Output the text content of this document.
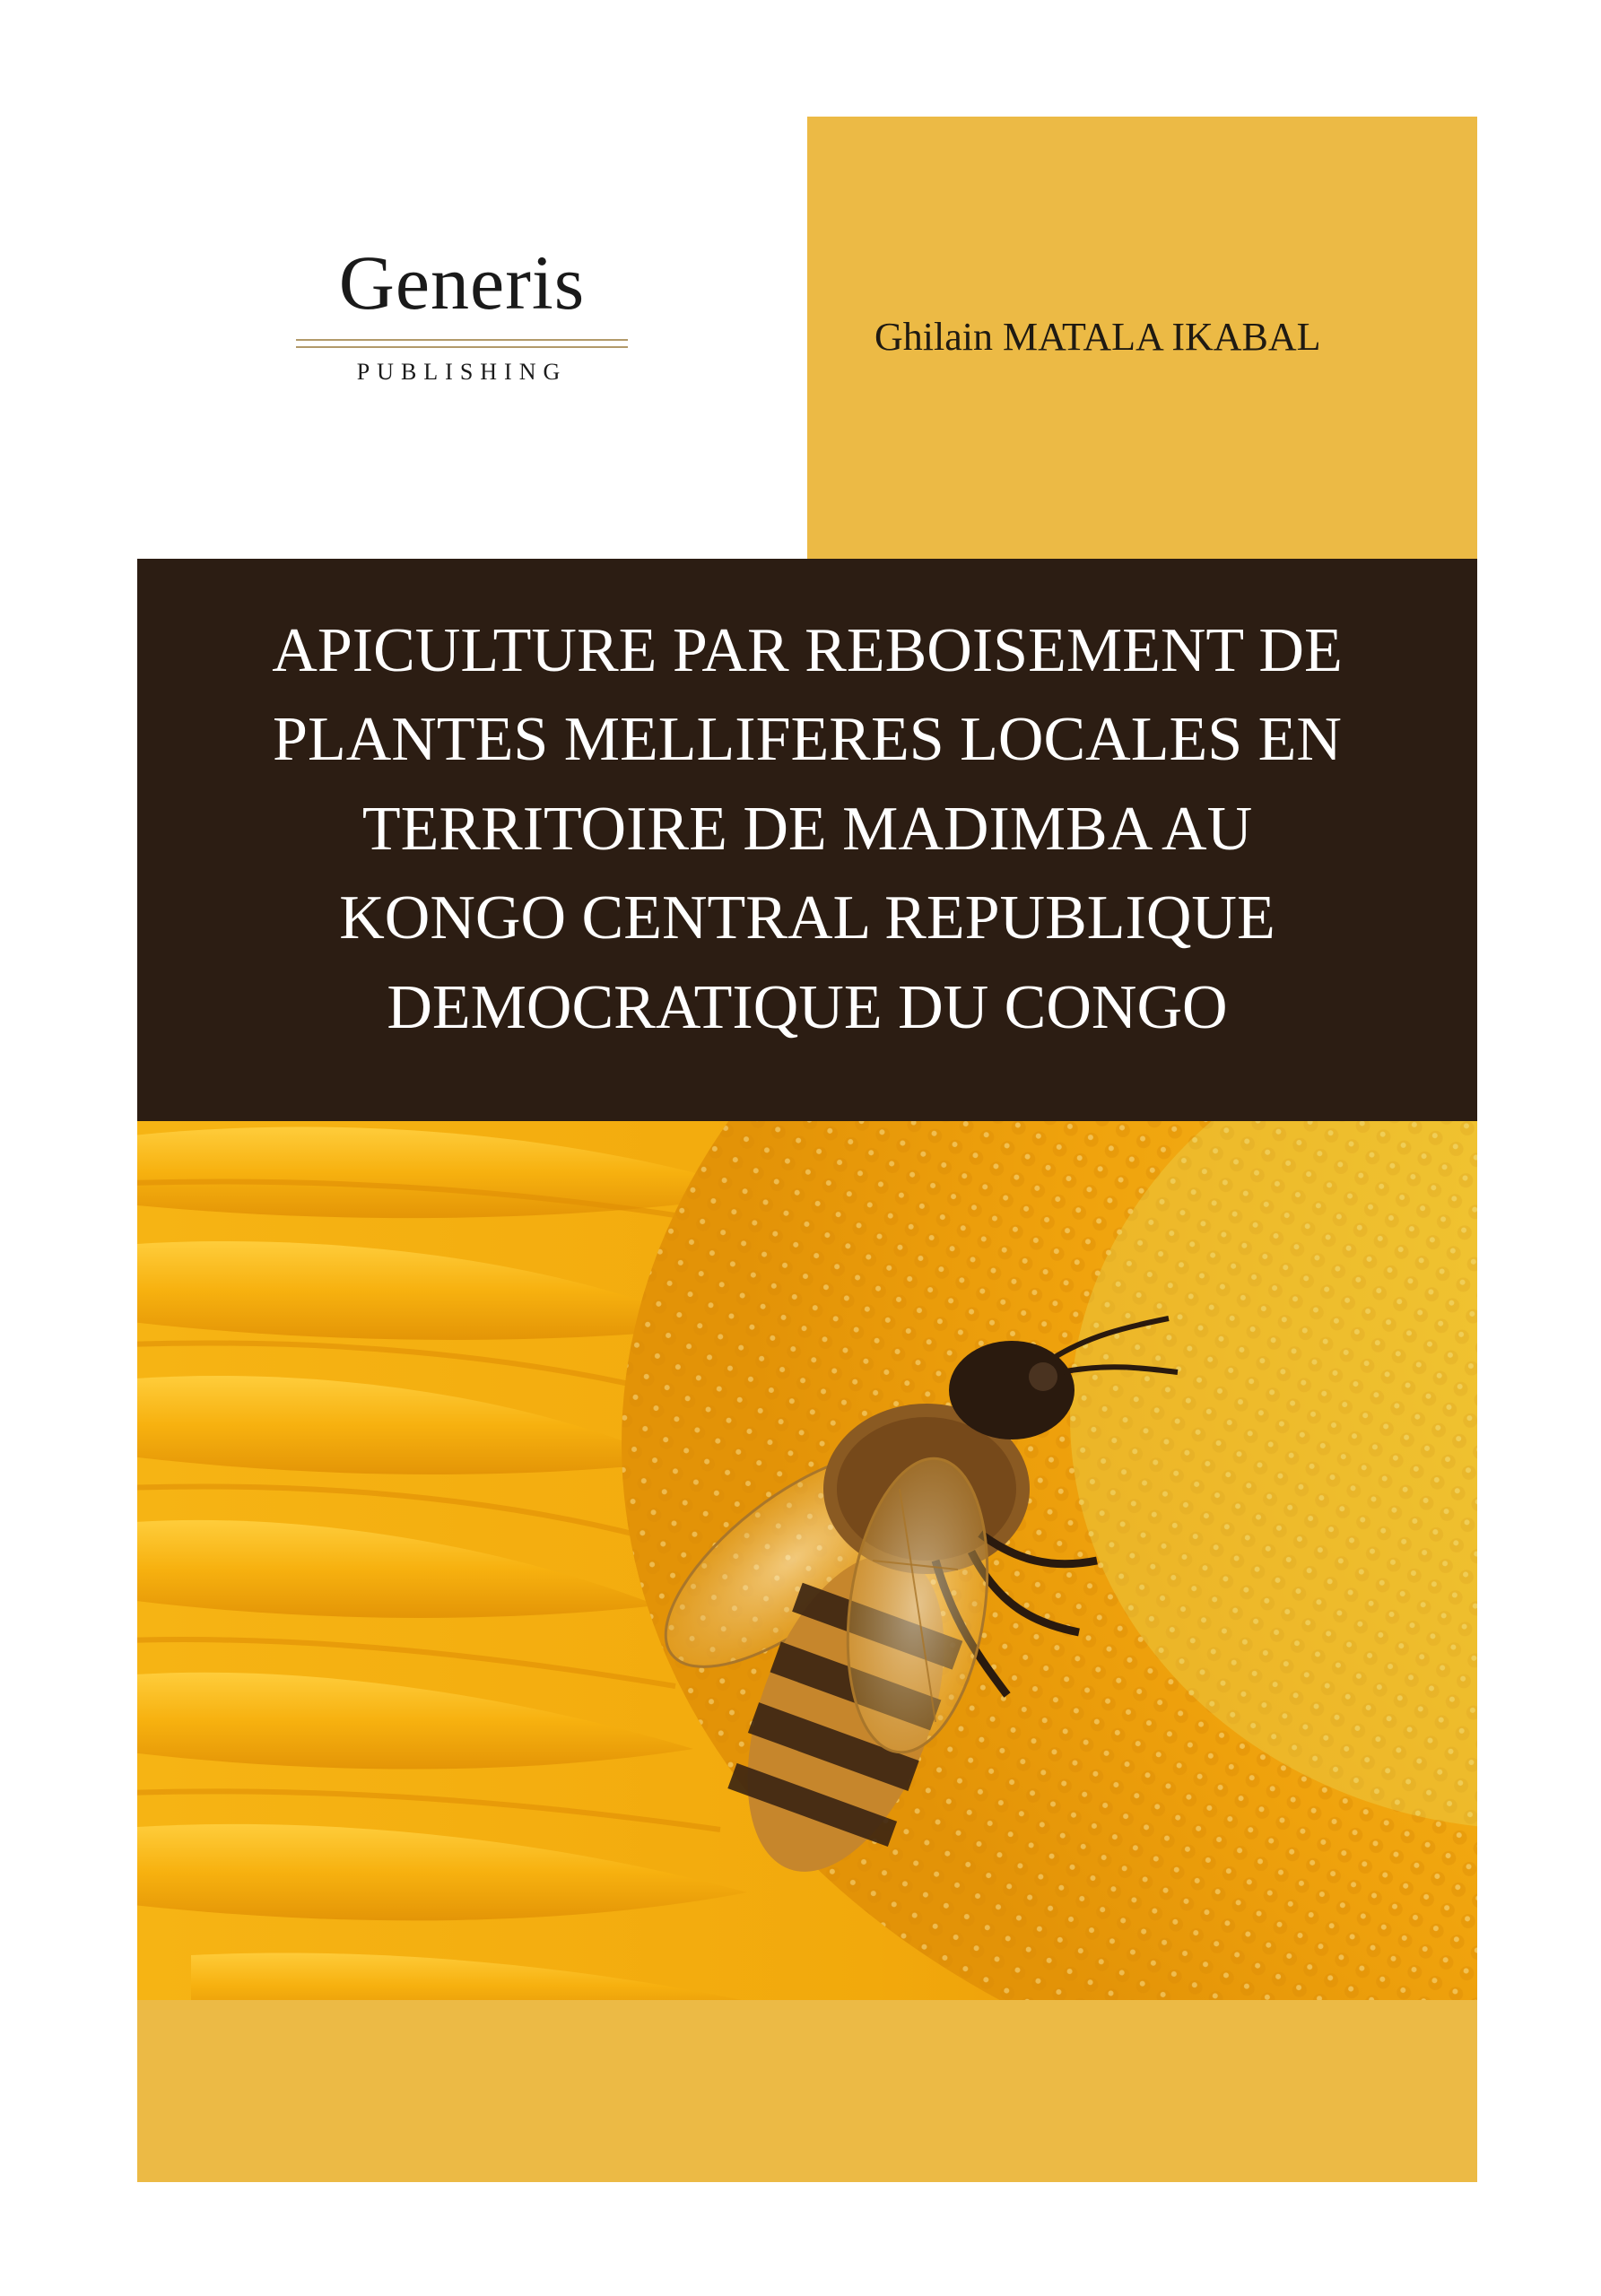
Generis
PUBLISHING
Ghilain MATALA IKABAL
APICULTURE PAR REBOISEMENT DE
PLANTES MELLIFERES LOCALES EN
TERRITOIRE DE MADIMBA AU
KONGO CENTRAL REPUBLIQUE
DEMOCRATIQUE DU CONGO
